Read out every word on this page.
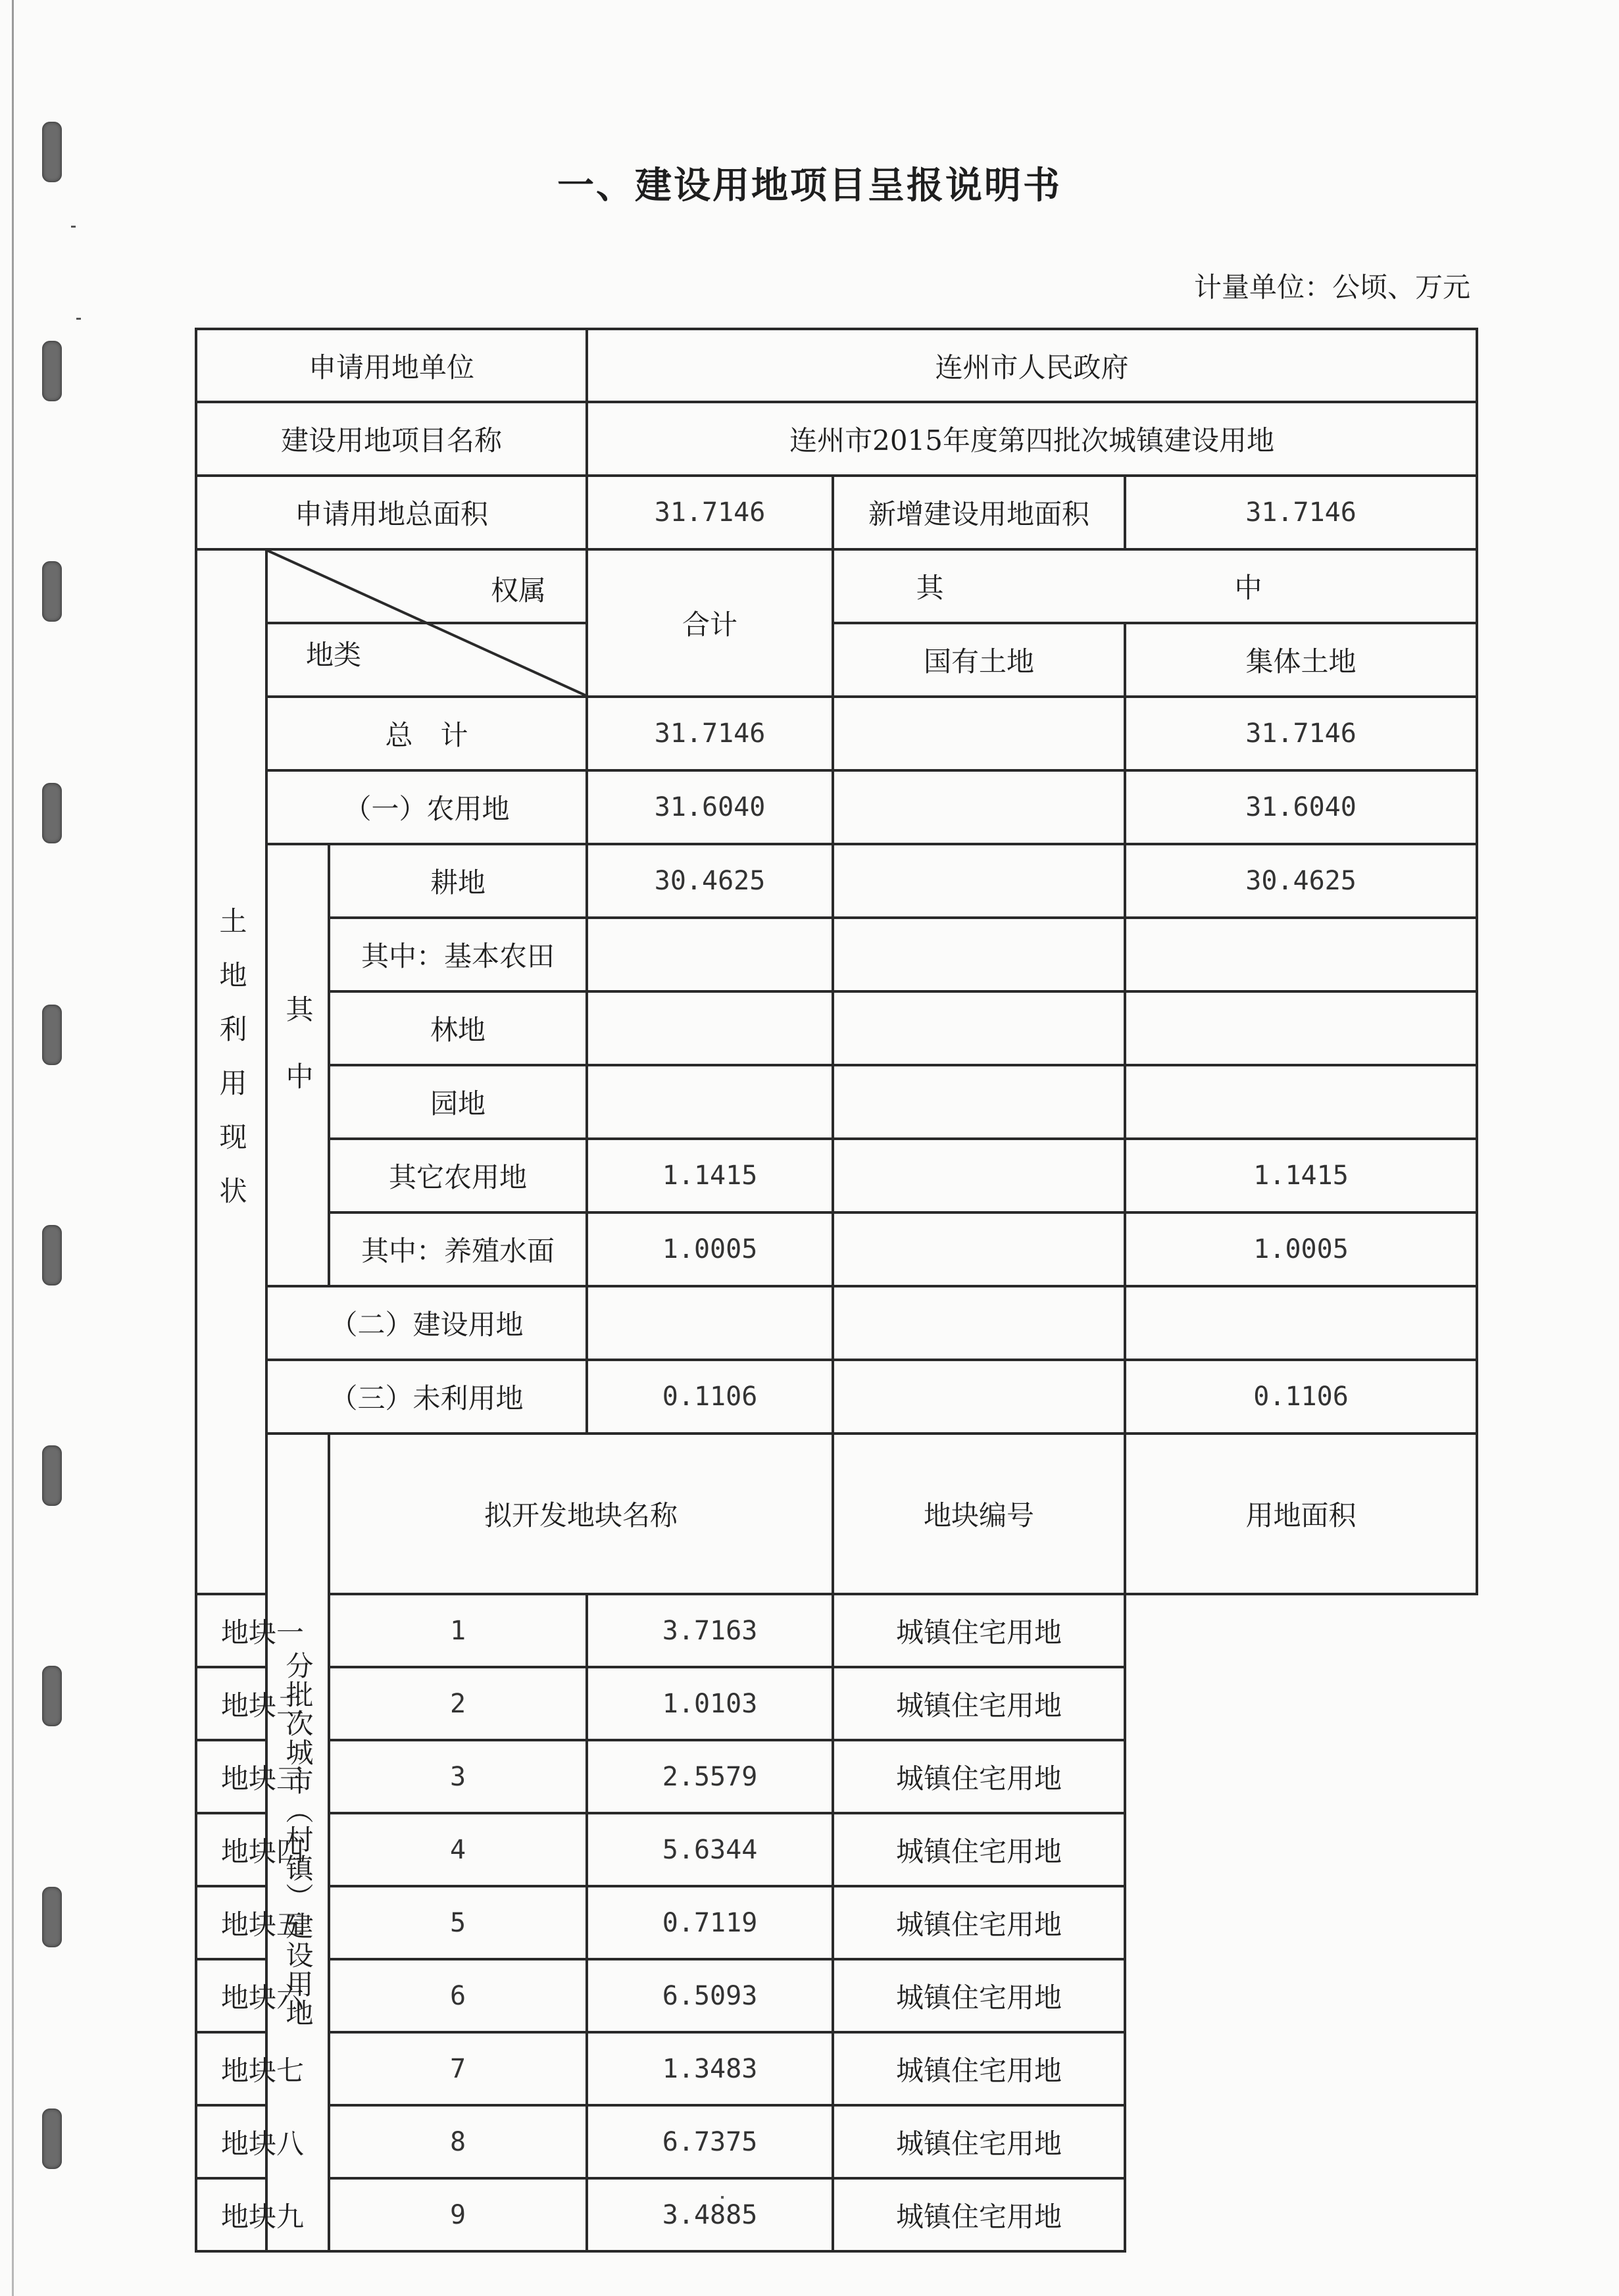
一、建设用地项目呈报说明书

计量单位：公顷、万元

申请用地单位			连州市人民政府			
建设用地项目名称			连州市2015年度第四批次城镇建设用地			
申请用地总面积			31.7146	新增建设用地面积	31.7146	
土地利用现状	权属
地类		合计	其　中		
				国有土地	集体土地	
	总　计		31.7146		31.7146	
	（一）农用地		31.6040		31.6040	
	其中	耕地	30.4625		30.4625	
		其中：基本农田				
		林地				
		园地				
		其它农用地	1.1415		1.1415	
		其中：养殖水面	1.0005		1.0005	
	（二）建设用地					
	（三）未利用地		0.1106		0.1106	
	分批次城市（村镇）建设用地	拟开发地块名称		地块编号	用地面积	
地块一		1	3.7163	城镇住宅用地		
地块二		2	1.0103	城镇住宅用地		
地块三		3	2.5579	城镇住宅用地		
地块四		4	5.6344	城镇住宅用地		
地块五		5	0.7119	城镇住宅用地		
地块六		6	6.5093	城镇住宅用地		
地块七		7	1.3483	城镇住宅用地		
地块八		8	6.7375	城镇住宅用地		
地块九		9	3.4885	城镇住宅用地		
